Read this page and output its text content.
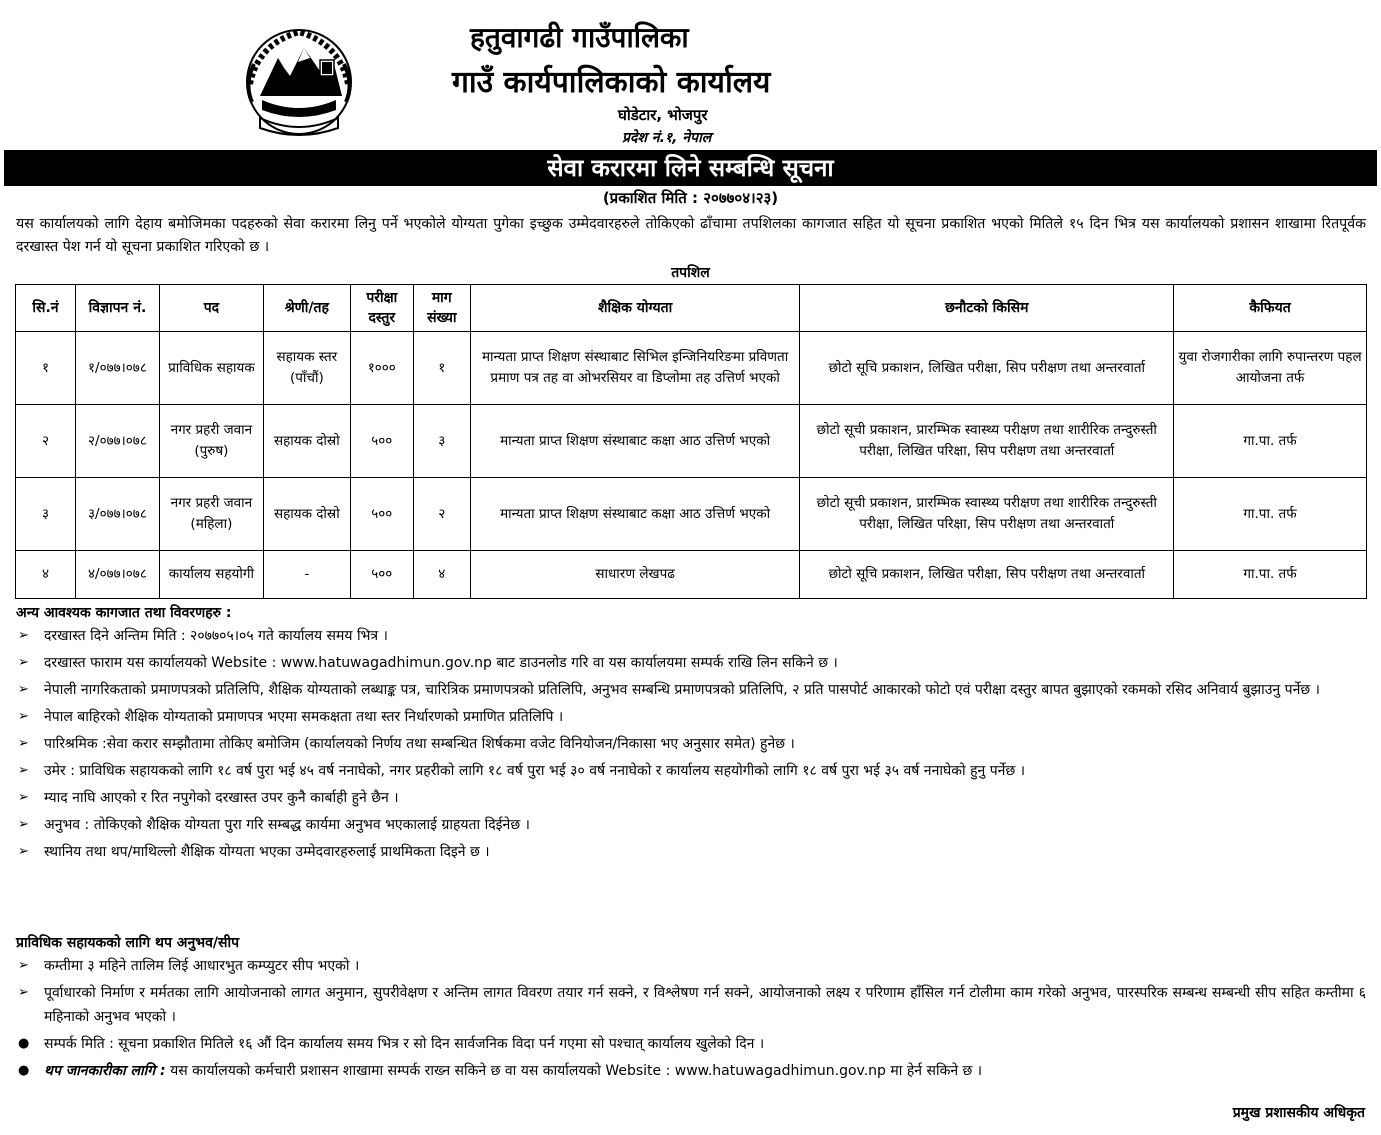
हतुवागढी गाउँपालिका
गाउँ कार्यपालिकाको कार्यालय
घोडेटार, भोजपुर
प्रदेश नं.१, नेपाल
सेवा करारमा लिने सम्बन्धि सूचना
(प्रकाशित मिति : २०७७०४।२३)
यस कार्यालयको लागि देहाय बमोजिमका पदहरुको सेवा करारमा लिनु पर्ने भएकोले योग्यता पुगेका इच्छुक उम्मेदवारहरुले तोकिएको ढाँचामा तपशिलका कागजात सहित यो सूचना प्रकाशित भएको मितिले १५ दिन भित्र यस कार्यालयको प्रशासन शाखामा रितपूर्वक दरखास्त पेश गर्न यो सूचना प्रकाशित गरिएको छ ।
तपशिल
सि.नं	विज्ञापन नं.	पद	श्रेणी/तह	परीक्षा दस्तुर	माग संख्या	शैक्षिक योग्यता	छनौटको किसिम	कैफियत
१	१/०७७।०७८	प्राविधिक सहायक	सहायक स्तर (पाँचौं)	१०००	१	मान्यता प्राप्त शिक्षण संस्थाबाट सिभिल इन्जिनियरिङमा प्रविणता प्रमाण पत्र तह वा ओभरसियर वा डिप्लोमा तह उत्तिर्ण भएको	छोटो सूचि प्रकाशन, लिखित परीक्षा, सिप परीक्षण तथा अन्तरवार्ता	युवा रोजगारीका लागि रुपान्तरण पहल आयोजना तर्फ
२	२/०७७।०७८	नगर प्रहरी जवान (पुरुष)	सहायक दोस्रो	५००	३	मान्यता प्राप्त शिक्षण संस्थाबाट कक्षा आठ उत्तिर्ण भएको	छोटो सूची प्रकाशन, प्रारम्भिक स्वास्थ्य परीक्षण तथा शारीरिक तन्दुरुस्ती परीक्षा, लिखित परिक्षा, सिप परीक्षण तथा अन्तरवार्ता	गा.पा. तर्फ
३	३/०७७।०७८	नगर प्रहरी जवान (महिला)	सहायक दोस्रो	५००	२	मान्यता प्राप्त शिक्षण संस्थाबाट कक्षा आठ उत्तिर्ण भएको	छोटो सूची प्रकाशन, प्रारम्भिक स्वास्थ्य परीक्षण तथा शारीरिक तन्दुरुस्ती परीक्षा, लिखित परिक्षा, सिप परीक्षण तथा अन्तरवार्ता	गा.पा. तर्फ
४	४/०७७।०७८	कार्यालय सहयोगी	-	५००	४	साधारण लेखपढ	छोटो सूचि प्रकाशन, लिखित परीक्षा, सिप परीक्षण तथा अन्तरवार्ता	गा.पा. तर्फ
अन्य आवश्यक कागजात तथा विवरणहरु :
➢ दरखास्त दिने अन्तिम मिति : २०७७०५।०५ गते कार्यालय समय भित्र ।
➢ दरखास्त फाराम यस कार्यालयको Website : www.hatuwagadhimun.gov.np बाट डाउनलोड गरि वा यस कार्यालयमा सम्पर्क राखि लिन सकिने छ ।
➢ नेपाली नागरिकताको प्रमाणपत्रको प्रतिलिपि, शैक्षिक योग्यताको लब्धाङ्क पत्र, चारित्रिक प्रमाणपत्रको प्रतिलिपि, अनुभव सम्बन्धि प्रमाणपत्रको प्रतिलिपि, २ प्रति पासपोर्ट आकारको फोटो एवं परीक्षा दस्तुर बापत बुझाएको रकमको रसिद अनिवार्य बुझाउनु पर्नेछ ।
➢ नेपाल बाहिरको शैक्षिक योग्यताको प्रमाणपत्र भएमा समकक्षता तथा स्तर निर्धारणको प्रमाणित प्रतिलिपि ।
➢ पारिश्रमिक :सेवा करार सम्झौतामा तोकिए बमोजिम (कार्यालयको निर्णय तथा सम्बन्धित शिर्षकमा वजेट विनियोजन/निकासा भए अनुसार समेत) हुनेछ ।
➢ उमेर : प्राविधिक सहायकको लागि १८ वर्ष पुरा भई ४५ वर्ष ननाघेको, नगर प्रहरीको लागि १८ वर्ष पुरा भई ३० वर्ष ननाघेको र कार्यालय सहयोगीको लागि १८ वर्ष पुरा भई ३५ वर्ष ननाघेको हुनु पर्नेछ ।
➢ म्याद नाघि आएको र रित नपुगेको दरखास्त उपर कुनै कार्बाही हुने छैन ।
➢ अनुभव : तोकिएको शैक्षिक योग्यता पुरा गरि सम्बद्ध कार्यमा अनुभव भएकालाई ग्राहयता दिईनेछ ।
➢ स्थानिय तथा थप/माथिल्लो शैक्षिक योग्यता भएका उम्मेदवारहरुलाई प्राथमिकता दिइने छ ।
प्राविधिक सहायकको लागि थप अनुभव/सीप
➢ कम्तीमा ३ महिने तालिम लिई आधारभुत कम्प्युटर सीप भएको ।
➢ पूर्वाधारको निर्माण र मर्मतका लागि आयोजनाको लागत अनुमान, सुपरीवेक्षण र अन्तिम लागत विवरण तयार गर्न सक्ने, र विश्लेषण गर्न सक्ने, आयोजनाको लक्ष्य र परिणाम हाँसिल गर्न टोलीमा काम गरेको अनुभव, पारस्परिक सम्बन्ध सम्बन्धी सीप सहित कम्तीमा ६ महिनाको अनुभव भएको ।
● सम्पर्क मिति : सूचना प्रकाशित मितिले १६ औं दिन कार्यालय समय भित्र र सो दिन सार्वजनिक विदा पर्न गएमा सो पश्चात् कार्यालय खुलेको दिन ।
● थप जानकारीका लागि : यस कार्यालयको कर्मचारी प्रशासन शाखामा सम्पर्क राख्न सकिने छ वा यस कार्यालयको Website : www.hatuwagadhimun.gov.np मा हेर्न सकिने छ ।
प्रमुख प्रशासकीय अधिकृत
